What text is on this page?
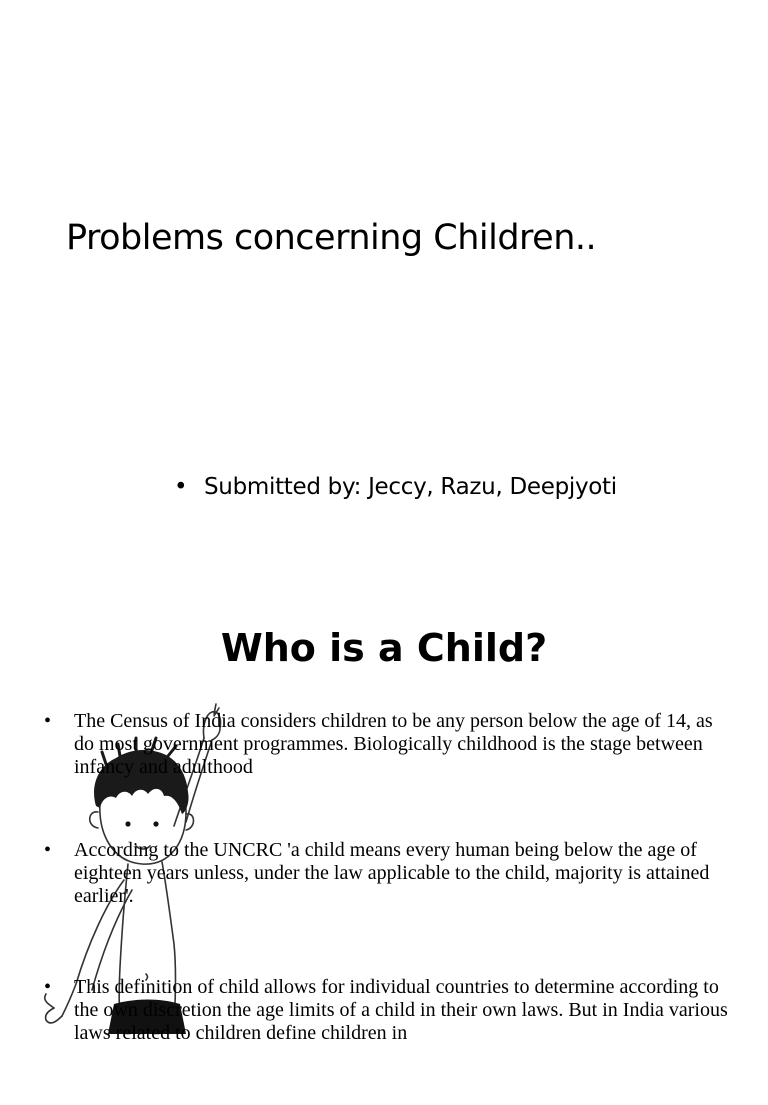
Problems concerning Children..
• Submitted by: Jeccy, Razu, Deepjyoti
Who is a Child?
• The Census of India considers children to be any person below the age of 14, as do most government programmes. Biologically childhood is the stage between infancy and adulthood
• According to the UNCRC 'a child means every human being below the age of eighteen years unless, under the law applicable to the child, majority is attained earlier'.
• This definition of child allows for individual countries to determine according to the own discretion the age limits of a child in their own laws. But in India various laws related to children define children in
